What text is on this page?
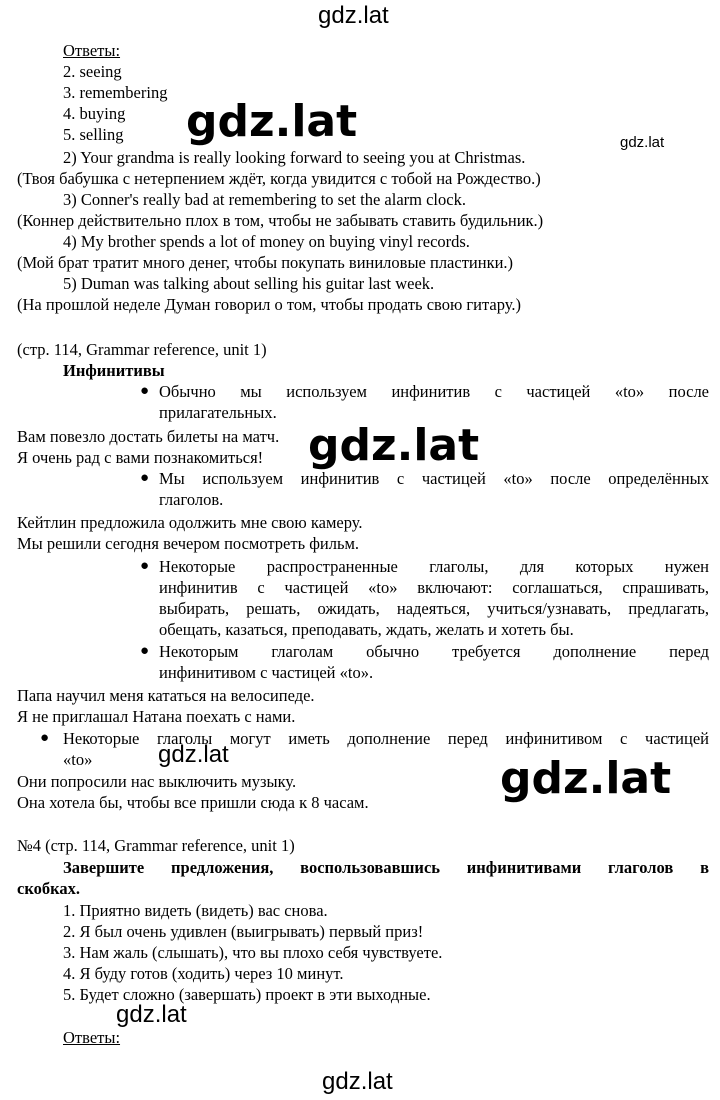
gdz.lat
gdz.lat	gdz.lat
Ответы:
2. seeing
3. remembering
4. buying
5. selling
2) Your grandma is really looking forward to seeing you at Christmas.
(Твоя бабушка с нетерпением ждёт, когда увидится с тобой на Рождество.)
3) Conner's really bad at remembering to set the alarm clock.
(Коннер действительно плох в том, чтобы не забывать ставить будильник.)
4) My brother spends a lot of money on buying vinyl records.
(Мой брат тратит много денег, чтобы покупать виниловые пластинки.)
5) Duman was talking about selling his guitar last week.
(На прошлой неделе Думан говорил о том, чтобы продать свою гитару.)
(стр. 114, Grammar reference, unit 1)
Инфинитивы
● Обычно мы используем инфинитив с частицей «to» после
прилагательных.
Вам повезло достать билеты на матч.
Я очень рад с вами познакомиться!
● Мы используем инфинитив с частицей «to» после определённых
глаголов.
Кейтлин предложила одолжить мне свою камеру.
Мы решили сегодня вечером посмотреть фильм.
● Некоторые распространенные глаголы, для которых нужен
инфинитив с частицей «to» включают: соглашаться, спрашивать,
выбирать, решать, ожидать, надеяться, учиться/узнавать, предлагать,
обещать, казаться, преподавать, ждать, желать и хотеть бы.
● Некоторым глаголам обычно требуется дополнение перед
инфинитивом с частицей «to».
Папа научил меня кататься на велосипеде.
Я не приглашал Натана поехать с нами.
● Некоторые глаголы могут иметь дополнение перед инфинитивом с частицей
«to»
Они попросили нас выключить музыку.
Она хотела бы, чтобы все пришли сюда к 8 часам.
№4 (стр. 114, Grammar reference, unit 1)
Завершите предложения, воспользовавшись инфинитивами глаголов в
скобках.
1. Приятно видеть (видеть) вас снова.
2. Я был очень удивлен (выигрывать) первый приз!
3. Нам жаль (слышать), что вы плохо себя чувствуете.
4. Я буду готов (ходить) через 10 минут.
5. Будет сложно (завершать) проект в эти выходные.
Ответы:
gdz.lat
gdz.lat	gdz.lat
gdz.lat
gdz.lat
